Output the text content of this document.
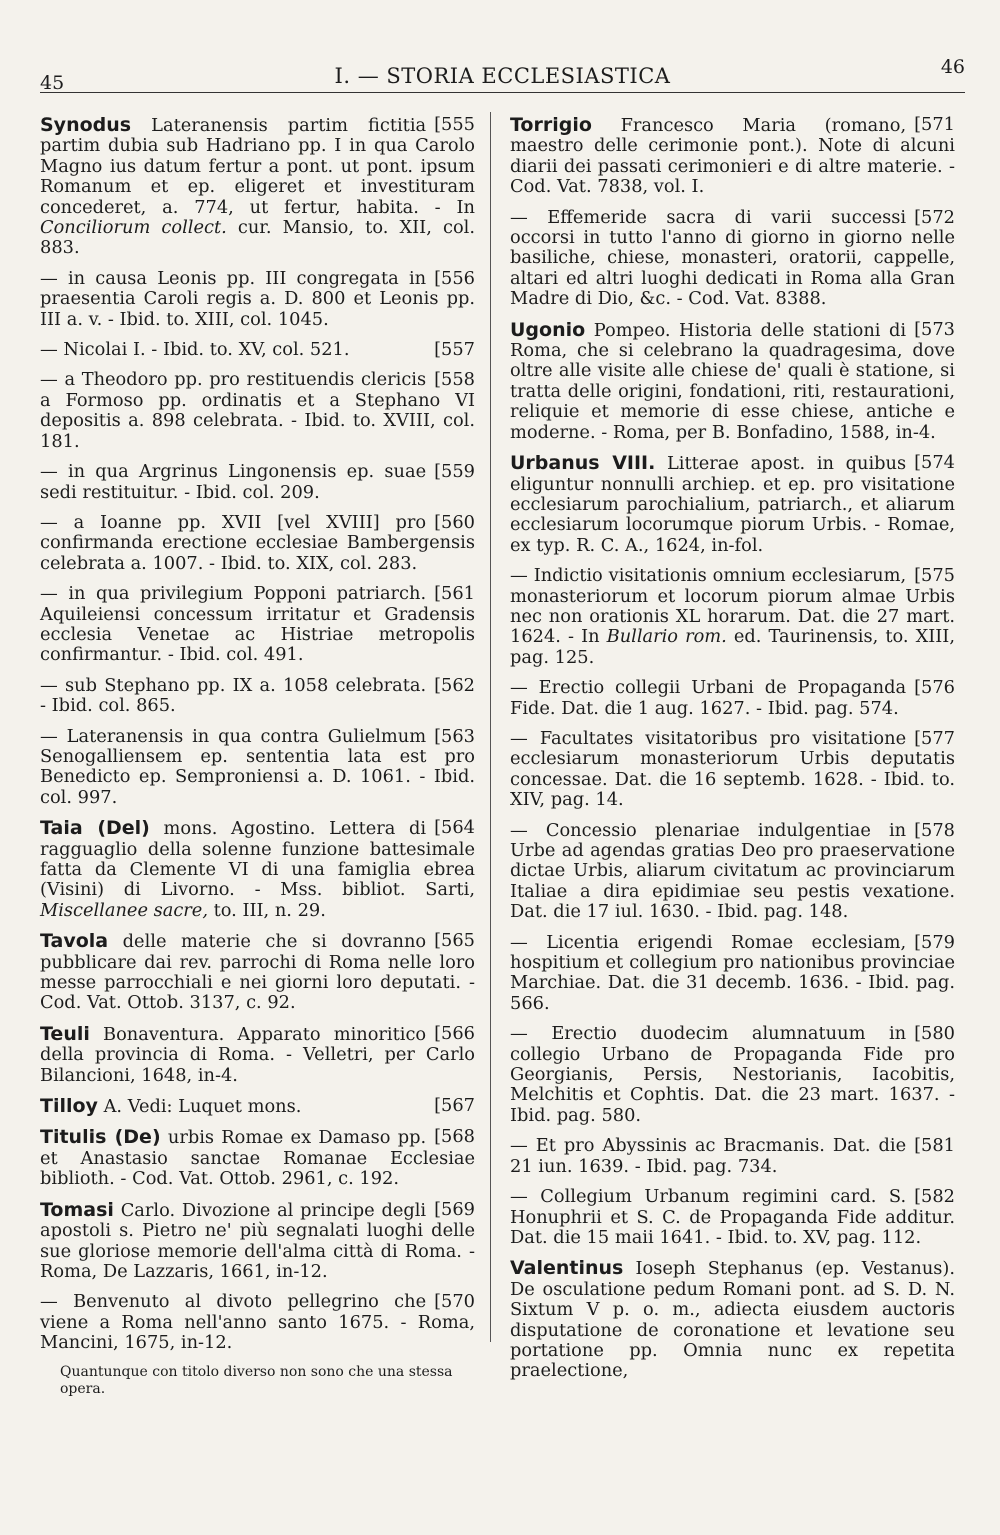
45	I. — STORIA ECCLESIASTICA	46
[555
Synodus Lateranensis partim fictitia partim dubia sub Hadriano pp. I in qua Carolo Magno ius datum fertur a pont. ut pont. ipsum Romanum et ep. eligeret et investituram concederet, a. 774, ut fertur, habita. - In Conciliorum collect. cur. Mansio, to. XII, col. 883.
[556
— in causa Leonis pp. III congregata in praesentia Caroli regis a. D. 800 et Leonis pp. III a. v. - Ibid. to. XIII, col. 1045.
[557
— Nicolai I. - Ibid. to. XV, col. 521.
[558
— a Theodoro pp. pro restituendis clericis a Formoso pp. ordinatis et a Stephano VI depositis a. 898 celebrata. - Ibid. to. XVIII, col. 181.
[559
— in qua Argrinus Lingonensis ep. suae sedi restituitur. - Ibid. col. 209.
[560
— a Ioanne pp. XVII [vel XVIII] pro confirmanda erectione ecclesiae Bambergensis celebrata a. 1007. - Ibid. to. XIX, col. 283.
[561
— in qua privilegium Popponi patriarch. Aquileiensi concessum irritatur et Gradensis ecclesia Venetae ac Histriae metropolis confirmantur. - Ibid. col. 491.
[562
— sub Stephano pp. IX a. 1058 celebrata. - Ibid. col. 865.
[563
— Lateranensis in qua contra Gulielmum Senogalliensem ep. sententia lata est pro Benedicto ep. Semproniensi a. D. 1061. - Ibid. col. 997.
[564
Taia (Del) mons. Agostino. Lettera di ragguaglio della solenne funzione battesimale fatta da Clemente VI di una famiglia ebrea (Visini) di Livorno. - Mss. bibliot. Sarti, Miscellanee sacre, to. III, n. 29.
[565
Tavola delle materie che si dovranno pubblicare dai rev. parrochi di Roma nelle loro messe parrocchiali e nei giorni loro deputati. - Cod. Vat. Ottob. 3137, c. 92.
[566
Teuli Bonaventura. Apparato minoritico della provincia di Roma. - Velletri, per Carlo Bilancioni, 1648, in-4.
[567
Tilloy A. Vedi: Luquet mons.
[568
Titulis (De) urbis Romae ex Damaso pp. et Anastasio sanctae Romanae Ecclesiae biblioth. - Cod. Vat. Ottob. 2961, c. 192.
[569
Tomasi Carlo. Divozione al principe degli apostoli s. Pietro ne' più segnalati luoghi delle sue gloriose memorie dell'alma città di Roma. - Roma, De Lazzaris, 1661, in-12.
[570
— Benvenuto al divoto pellegrino che viene a Roma nell'anno santo 1675. - Roma, Mancini, 1675, in-12.
Quantunque con titolo diverso non sono che una stessa opera.
[571
Torrigio Francesco Maria (romano, maestro delle cerimonie pont.). Note di alcuni diarii dei passati cerimonieri e di altre materie. - Cod. Vat. 7838, vol. I.
[572
— Effemeride sacra di varii successi occorsi in tutto l'anno di giorno in giorno nelle basiliche, chiese, monasteri, oratorii, cappelle, altari ed altri luoghi dedicati in Roma alla Gran Madre di Dio, &c. - Cod. Vat. 8388.
[573
Ugonio Pompeo. Historia delle stationi di Roma, che si celebrano la quadragesima, dove oltre alle visite alle chiese de' quali è statione, si tratta delle origini, fondationi, riti, restaurationi, reliquie et memorie di esse chiese, antiche e moderne. - Roma, per B. Bonfadino, 1588, in-4.
[574
Urbanus VIII. Litterae apost. in quibus eliguntur nonnulli archiep. et ep. pro visitatione ecclesiarum parochialium, patriarch., et aliarum ecclesiarum locorumque piorum Urbis. - Romae, ex typ. R. C. A., 1624, in-fol.
[575
— Indictio visitationis omnium ecclesiarum, monasteriorum et locorum piorum almae Urbis nec non orationis XL horarum. Dat. die 27 mart. 1624. - In Bullario rom. ed. Taurinensis, to. XIII, pag. 125.
[576
— Erectio collegii Urbani de Propaganda Fide. Dat. die 1 aug. 1627. - Ibid. pag. 574.
[577
— Facultates visitatoribus pro visitatione ecclesiarum monasteriorum Urbis deputatis concessae. Dat. die 16 septemb. 1628. - Ibid. to. XIV, pag. 14.
[578
— Concessio plenariae indulgentiae in Urbe ad agendas gratias Deo pro praeservatione dictae Urbis, aliarum civitatum ac provinciarum Italiae a dira epidimiae seu pestis vexatione. Dat. die 17 iul. 1630. - Ibid. pag. 148.
[579
— Licentia erigendi Romae ecclesiam, hospitium et collegium pro nationibus provinciae Marchiae. Dat. die 31 decemb. 1636. - Ibid. pag. 566.
[580
— Erectio duodecim alumnatuum in collegio Urbano de Propaganda Fide pro Georgianis, Persis, Nestorianis, Iacobitis, Melchitis et Cophtis. Dat. die 23 mart. 1637. - Ibid. pag. 580.
[581
— Et pro Abyssinis ac Bracmanis. Dat. die 21 iun. 1639. - Ibid. pag. 734.
[582
— Collegium Urbanum regimini card. S. Honuphrii et S. C. de Propaganda Fide additur. Dat. die 15 maii 1641. - Ibid. to. XV, pag. 112.
Valentinus Ioseph Stephanus (ep. Vestanus). De osculatione pedum Romani pont. ad S. D. N. Sixtum V p. o. m., adiecta eiusdem auctoris disputatione de coronatione et levatione seu portatione pp. Omnia nunc ex repetita praelectione,
